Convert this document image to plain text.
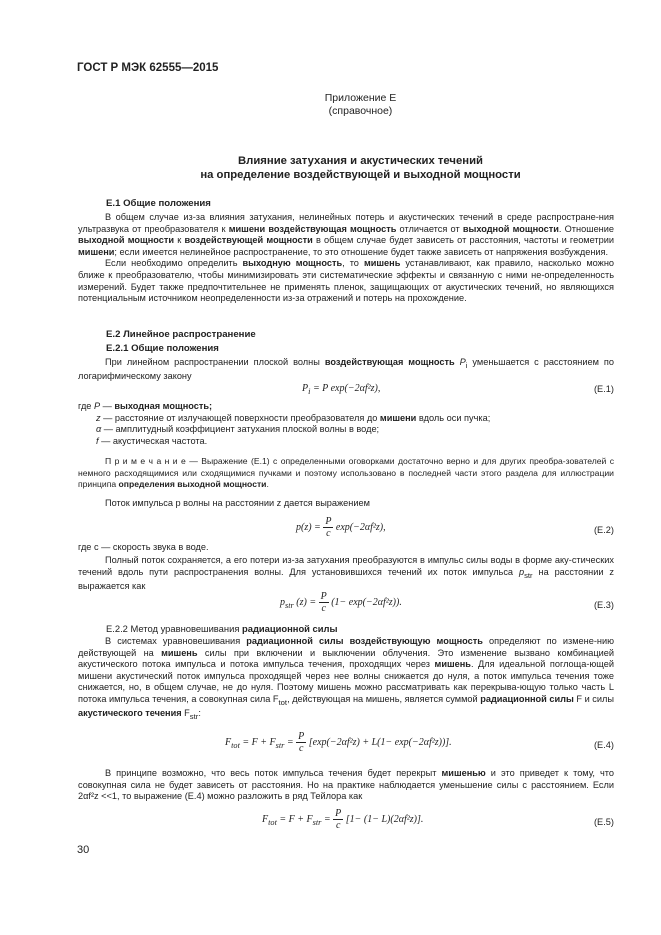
ГОСТ Р МЭК 62555—2015
Приложение Е
(справочное)
Влияние затухания и акустических течений
на определение воздействующей и выходной мощности
Е.1 Общие положения

В общем случае из-за влияния затухания, нелинейных потерь и акустических течений в среде распростране-ния ультразвука от преобразователя к мишени воздействующая мощность отличается от выходной мощности. Отношение выходной мощности к воздействующей мощности в общем случае будет зависеть от расстояния, частоты и геометрии мишени; если имеется нелинейное распространение, то это отношение будет также зависеть от напряжения возбуждения.

Если необходимо определить выходную мощность, то мишень устанавливают, как правило, насколько можно ближе к преобразователю, чтобы минимизировать эти систематические эффекты и связанную с ними не-определенность измерений. Будет также предпочтительнее не применять пленок, защищающих от акустических течений, но являющихся потенциальным источником неопределенности из-за отражений и потерь на прохождение.

Е.2 Линейное распространение
Е.2.1 Общие положения

При линейном распространении плоской волны воздействующая мощность $P_i$ уменьшается с расстоянием по логарифмическому закону

$P_i = P$ exp(−2αf²z),	(Е.1)

где P — выходная мощность;

z — расстояние от излучающей поверхности преобразователя до мишени вдоль оси пучка;

α — амплитудный коэффициент затухания плоской волны в воде;

f — акустическая частота.

П р и м е ч а н и е — Выражение (Е.1) с определенными оговорками достаточно верно и для других преобра-зователей с немного расходящимися или сходящимися пучками и поэтому использовано в последней части этого раздела для иллюстрации принципа определения выходной мощности.

Поток импульса p волны на расстоянии z дается выражением

$p(z) = \frac{P}{c} \exp(-2\alpha f^2z)$,	(Е.2)

где c — скорость звука в воде.

Полный поток сохраняется, а его потери из-за затухания преобразуются в импульс силы воды в форме аку-стических течений вдоль пути распространения волны. Для установившихся течений их поток импульса $p_{str}$ на расстоянии z выражается как

$p_{str}$ $(z) = \frac{P}{c} (1- \exp(-2\alpha f^2z))$.	(Е.3)
Е.2.2 Метод уравновешивания радиационной силы

В системах уравновешивания радиационной силы воздействующую мощность определяют по измене-нию действующей на мишень силы при включении и выключении облучения. Это изменение вызвано комбинацией акустического потока импульса и потока импульса течения, проходящих через мишень. Для идеальной поглоща-ющей мишени акустический поток импульса проходящей через нее волны снижается до нуля, а поток импульса течения тоже снижается, но, в общем случае, не до нуля. Поэтому мишень можно рассматривать как перекрыва-ющую только часть L потока импульса течения, а совокупная сила $F_{tot}$, действующая на мишень, является суммой радиационной силы F и силы акустического течения $F_{str}$:

$F_{tot} = F + F_{str} = \frac{P}{c} [\exp(-2\alpha f^2z) + L(1- \exp(-2\alpha f^2z))]$.	(Е.4)

В принципе возможно, что весь поток импульса течения будет перекрыт мишенью и это приведет к тому, что совокупная сила не будет зависеть от расстояния. Но на практике наблюдается уменьшение силы с расстоянием. Если 2αf²z <<1, то выражение (Е.4) можно разложить в ряд Тейлора как

$F_{tot} = F + F_{str} = \frac{P}{c} [1- (1- L)(2\alpha f^2z)]$.	(Е.5)
30
